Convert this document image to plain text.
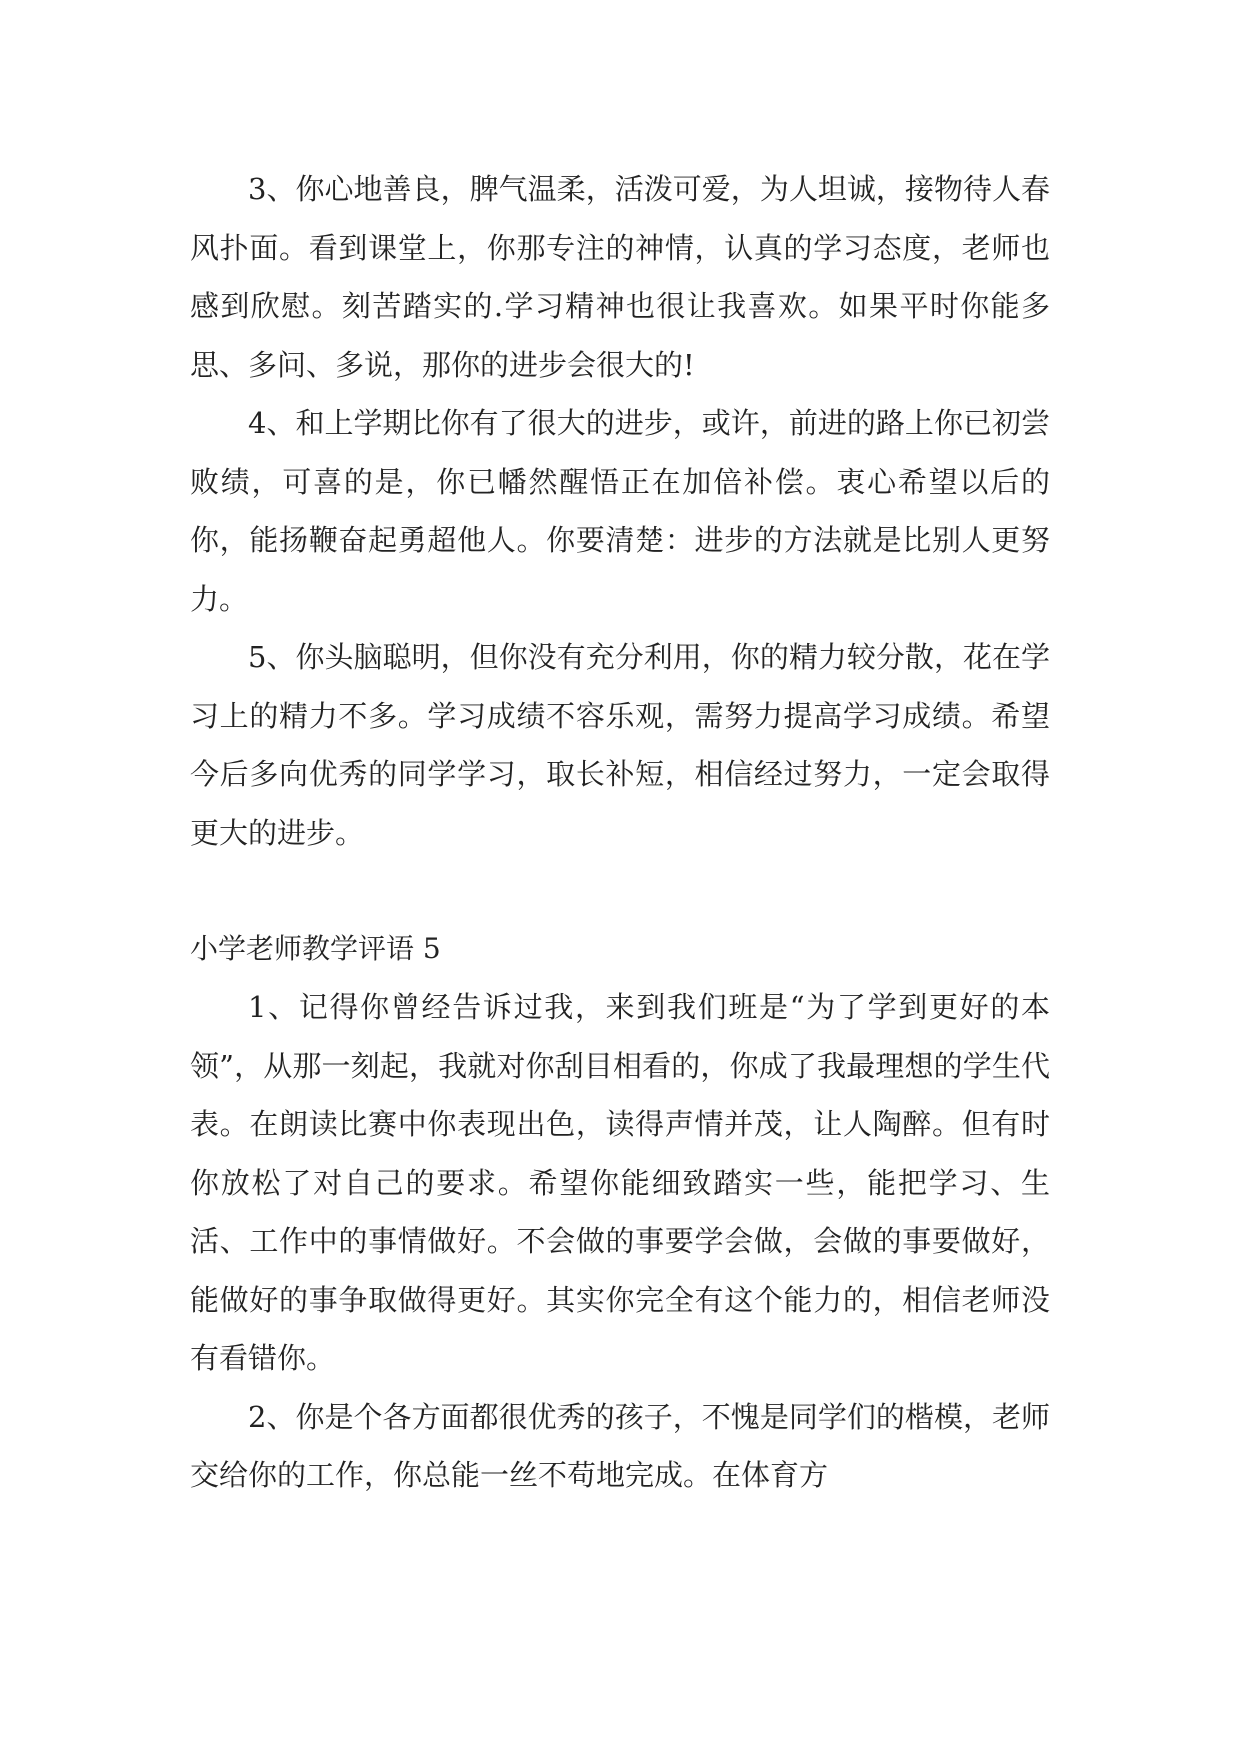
3、你心地善良，脾气温柔，活泼可爱，为人坦诚，接物待人春风扑面。看到课堂上，你那专注的神情，认真的学习态度，老师也感到欣慰。刻苦踏实的.学习精神也很让我喜欢。如果平时你能多思、多问、多说，那你的进步会很大的!

4、和上学期比你有了很大的进步，或许，前进的路上你已初尝败绩，可喜的是，你已幡然醒悟正在加倍补偿。衷心希望以后的你，能扬鞭奋起勇超他人。你要清楚：进步的方法就是比别人更努力。

5、你头脑聪明，但你没有充分利用，你的精力较分散，花在学习上的精力不多。学习成绩不容乐观，需努力提高学习成绩。希望今后多向优秀的同学学习，取长补短，相信经过努力，一定会取得更大的进步。

小学老师教学评语 5

1、记得你曾经告诉过我，来到我们班是“为了学到更好的本领”，从那一刻起，我就对你刮目相看的，你成了我最理想的学生代表。在朗读比赛中你表现出色，读得声情并茂，让人陶醉。但有时你放松了对自己的要求。希望你能细致踏实一些，能把学习、生活、工作中的事情做好。不会做的事要学会做，会做的事要做好，能做好的事争取做得更好。其实你完全有这个能力的，相信老师没有看错你。

2、你是个各方面都很优秀的孩子，不愧是同学们的楷模，老师交给你的工作，你总能一丝不苟地完成。在体育方
